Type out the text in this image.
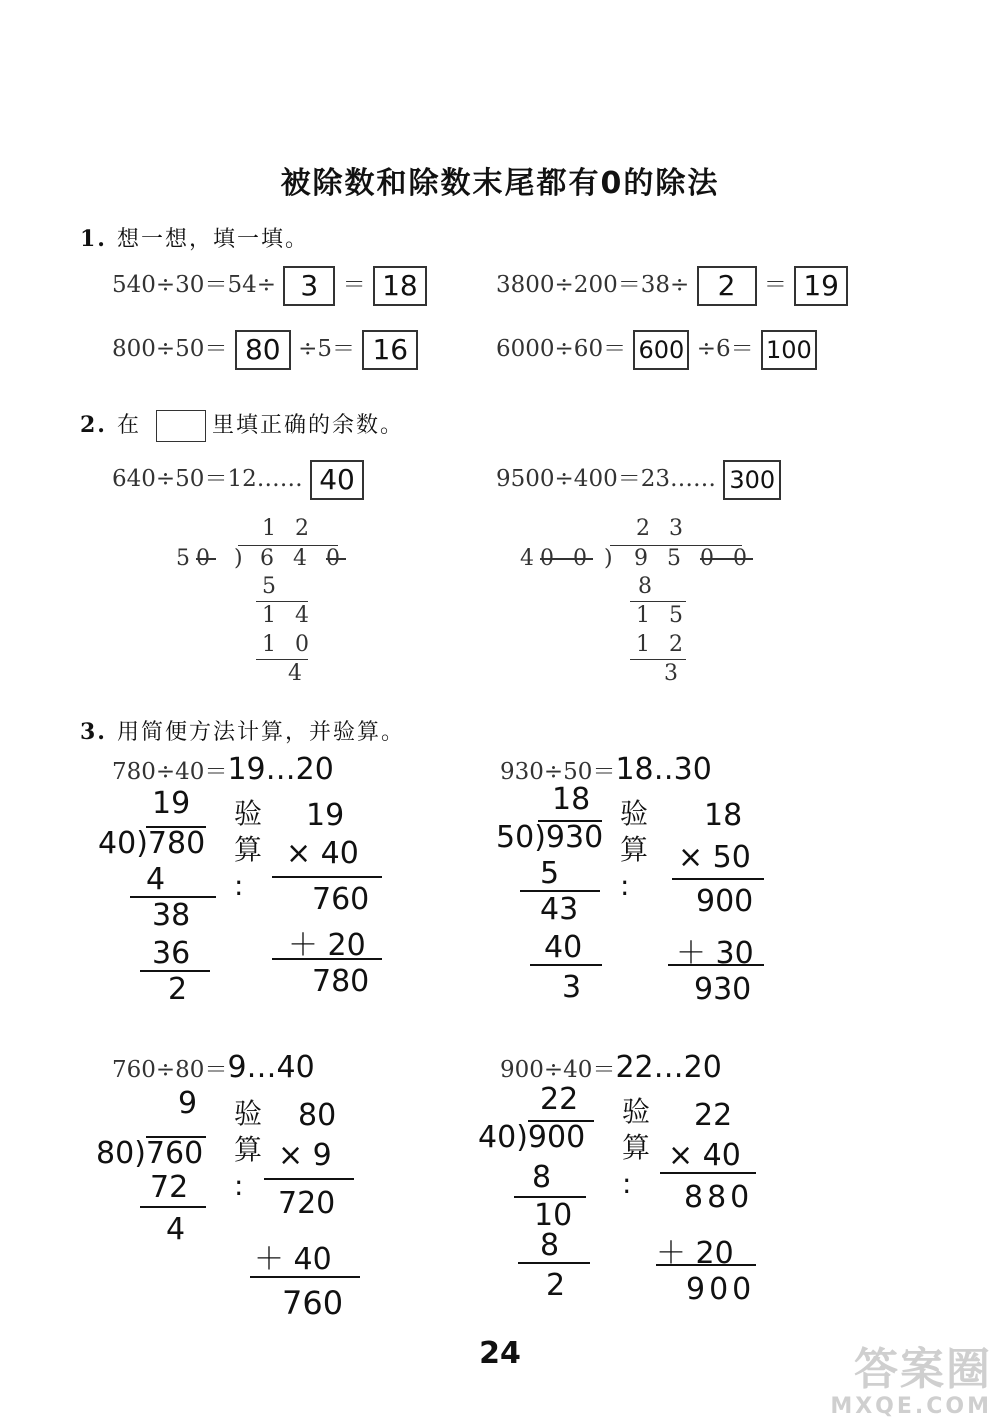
被除数和除数末尾都有0的除法
1. 想一想，填一填。
540÷30＝54÷ 3 ＝ 18	3800÷200＝38÷ 2 ＝ 19
800÷50＝ 80 ÷5＝ 16	6000÷60＝ 600 ÷6＝ 100
2. 在	里填正确的余数。
640÷50＝12…… 40	9500÷400＝23…… 300
1 2
50 ) 6 4 0
5
1 4
1 0
4
2 3
40 0 ) 9 5 0 0
8
1 5
1 2
3
3. 用简便方法计算，并验算。
780÷40＝19…20
19
40)780
4
38
36
2
验
算
:
19
× 40
760
＋ 20
780
930÷50＝18‥30
18
50)930
5
43
40
3
验
算
:
18
× 50
900
＋ 30
930
760÷80＝9…40
9
80)760
72
4
验
算
:
80
× 9
720
＋ 40
760
900÷40＝22…20
22
40)900
8
10
8
2
验
算
:
22
× 40
880
＋ 20
900
24	答案圈
MXQE.COM
